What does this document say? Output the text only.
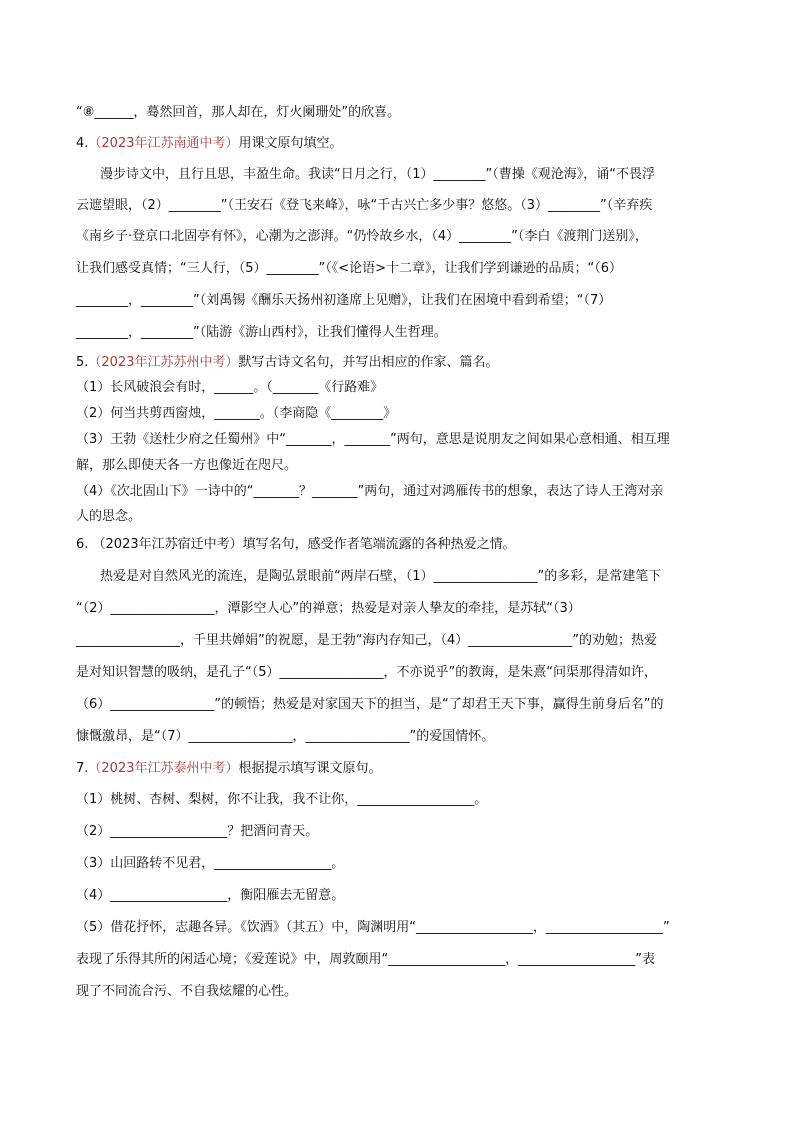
“⑧______，蓦然回首，那人却在，灯火阑珊处”的欣喜。
4.（2023年江苏南通中考）用课文原句填空。
漫步诗文中，且行且思，丰盈生命。我读“日月之行，（1）________”（曹操《观沧海》，诵“不畏浮
云遮望眼，（2）________”（王安石《登飞来峰》，咏“千古兴亡多少事？悠悠。（3）________”（辛弃疾
《南乡子·登京口北固亭有怀》，心潮为之澎湃。“仍怜故乡水，（4）________”（李白《渡荆门送别》，
让我们感受真情；“三人行，（5）________”（《<论语>十二章》，让我们学到谦逊的品质；“（6）
________，________”（刘禹锡《酬乐天扬州初逢席上见赠》，让我们在困境中看到希望；“（7）
________，________”（陆游《游山西村》，让我们懂得人生哲理。
5.（2023年江苏苏州中考）默写古诗文名句，并写出相应的作家、篇名。
（1）长风破浪会有时，______。（_______《行路难》
（2）何当共剪西窗烛，_______。（李商隐《________》
（3）王勃《送杜少府之任蜀州》中“_______，_______”两句，意思是说朋友之间如果心意相通、相互理
解，那么即使天各一方也像近在咫尺。
（4）《次北固山下》一诗中的“_______？_______”两句，通过对鸿雁传书的想象，表达了诗人王湾对亲
人的思念。
6. （2023年江苏宿迁中考）填写名句，感受作者笔端流露的各种热爱之情。
热爱是对自然风光的流连，是陶弘景眼前“两岸石壁，（1）________________”的多彩，是常建笔下
“（2）________________，潭影空人心”的禅意；热爱是对亲人挚友的牵挂，是苏轼“（3）
________________，千里共婵娟”的祝愿，是王勃“海内存知己，（4）________________”的劝勉；热爱
是对知识智慧的吸纳，是孔子“（5）________________，不亦说乎”的教诲，是朱熹“问渠那得清如许，
（6）________________”的顿悟；热爱是对家国天下的担当，是“了却君王天下事，赢得生前身后名”的
慷慨激昂，是“（7）________________，________________”的爱国情怀。
7.（2023年江苏泰州中考）根据提示填写课文原句。
（1）桃树、杏树、梨树，你不让我，我不让你，__________________。
（2）__________________？把酒问青天。
（3）山回路转不见君，__________________。
（4）__________________，衡阳雁去无留意。
（5）借花抒怀，志趣各异。《饮酒》（其五）中，陶渊明用“__________________，__________________”
表现了乐得其所的闲适心境；《爱莲说》中，周敦颐用“__________________，__________________”表
现了不同流合污、不自我炫耀的心性。
